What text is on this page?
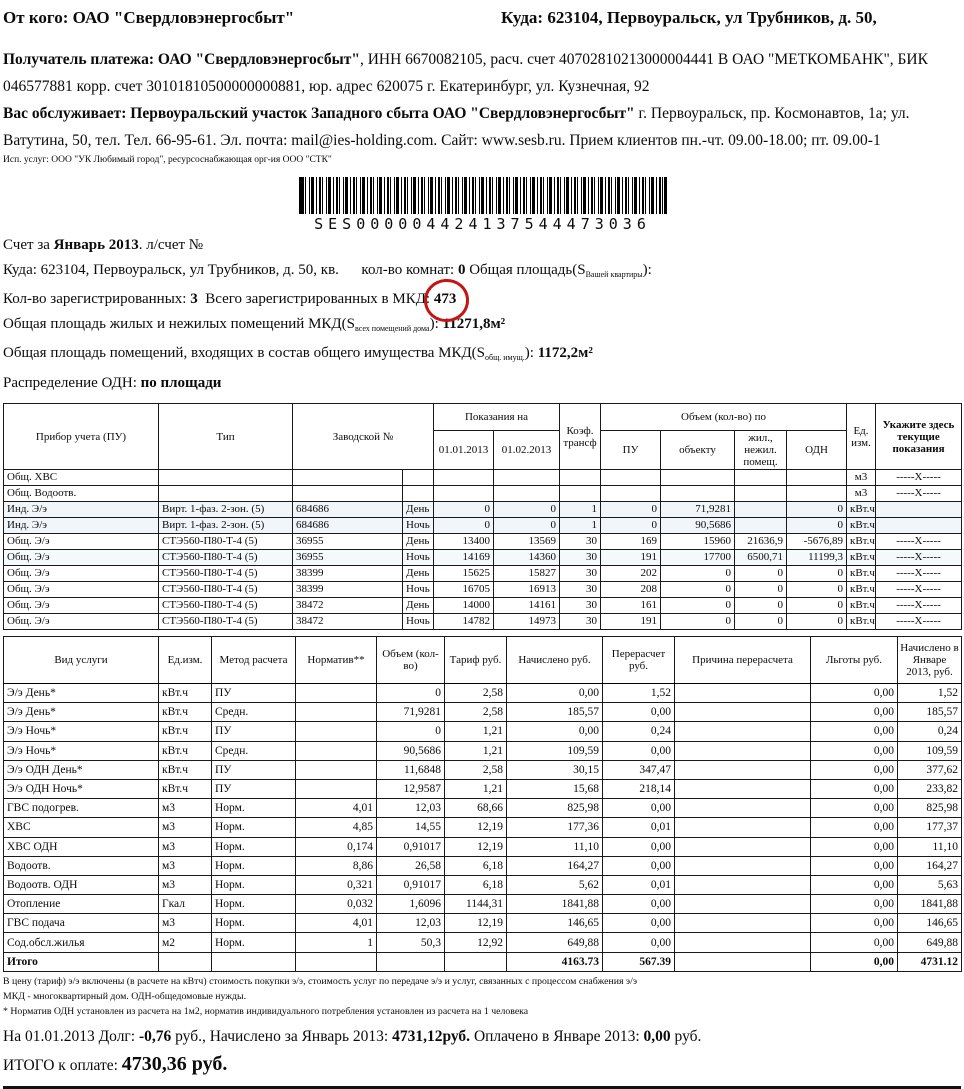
От кого: ОАО "Свердловэнергосбыт"	Куда: 623104, Первоуральск, ул Трубников, д. 50,
Получатель платежа: ОАО "Свердловэнергосбыт", ИНН 6670082105, расч. счет 40702810213000004441 В ОАО "МЕТКОМБАНК", БИК
046577881 корр. счет 30101810500000000881, юр. адрес 620075 г. Екатеринбург, ул. Кузнечная, 92
Вас обслуживает: Первоуральский участок Западного сбыта ОАО "Свердловэнергосбыт" г. Первоуральск, пр. Космонавтов, 1а; ул.
Ватутина, 50, тел. Тел. 66-95-61. Эл. почта: mail@ies-holding.com. Сайт: www.sesb.ru. Прием клиентов пн.-чт. 09.00-18.00; пт. 09.00-1
Исп. услуг: ООО "УК Любимый город", ресурсоснабжающая орг-ия ООО "СТК"
SES000004424137544473036
Счет за Январь 2013. л/счет №
Куда: 623104, Первоуральск, ул Трубников, д. 50, кв.      кол-во комнат: 0 Общая $площадь(S_{Вашей квартиры})$:
Кол-во зарегистрированных: 3  Всего зарегистрированных в МКД: 473
Общая площадь жилых и нежилых помещений $МКД(S_{всех помещений дома})$: 11271,8м²
Общая площадь помещений, входящих в состав общего имущества $МКД(S_{общ. имущ.})$: 1172,2м²
Распределение ОДН: по площади
Прибор учета (ПУ)	Тип	Заводской №		Показания на		Коэф. трансф	Объем (кол-во) по				Ед. изм.	Укажите здесь текущие показания
				01.01.2013	01.02.2013		ПУ	объекту	жил., нежил. помещ.	ОДН		
Общ. ХВС											м3	-----Х-----
Общ. Водоотв.											м3	-----Х-----
Инд. Э/э	Вирт. 1-фаз. 2-зон. (5)	684686	День	0	0	1	0	71,9281		0	кВт.ч	
Инд. Э/э	Вирт. 1-фаз. 2-зон. (5)	684686	Ночь	0	0	1	0	90,5686		0	кВт.ч	
Общ. Э/э	СТЭ560-П80-Т-4 (5)	36955	День	13400	13569	30	169	15960	21636,9	-5676,89	кВт.ч	-----Х-----
Общ. Э/э	СТЭ560-П80-Т-4 (5)	36955	Ночь	14169	14360	30	191	17700	6500,71	11199,3	кВт.ч	-----Х-----
Общ. Э/э	СТЭ560-П80-Т-4 (5)	38399	День	15625	15827	30	202	0	0	0	кВт.ч	-----Х-----
Общ. Э/э	СТЭ560-П80-Т-4 (5)	38399	Ночь	16705	16913	30	208	0	0	0	кВт.ч	-----Х-----
Общ. Э/э	СТЭ560-П80-Т-4 (5)	38472	День	14000	14161	30	161	0	0	0	кВт.ч	-----Х-----
Общ. Э/э	СТЭ560-П80-Т-4 (5)	38472	Ночь	14782	14973	30	191	0	0	0	кВт.ч	-----Х-----
Вид услуги	Ед.изм.	Метод расчета	Норматив**	Объем (кол-во)	Тариф руб.	Начислено руб.	Перерасчет руб.	Причина перерасчета	Льготы руб.	Начислено в Январе 2013, руб.
Э/э День*	кВт.ч	ПУ		0	2,58	0,00	1,52		0,00	1,52
Э/э День*	кВт.ч	Средн.		71,9281	2,58	185,57	0,00		0,00	185,57
Э/э Ночь*	кВт.ч	ПУ		0	1,21	0,00	0,24		0,00	0,24
Э/э Ночь*	кВт.ч	Средн.		90,5686	1,21	109,59	0,00		0,00	109,59
Э/э ОДН День*	кВт.ч	ПУ		11,6848	2,58	30,15	347,47		0,00	377,62
Э/э ОДН Ночь*	кВт.ч	ПУ		12,9587	1,21	15,68	218,14		0,00	233,82
ГВС подогрев.	м3	Норм.	4,01	12,03	68,66	825,98	0,00		0,00	825,98
ХВС	м3	Норм.	4,85	14,55	12,19	177,36	0,01		0,00	177,37
ХВС ОДН	м3	Норм.	0,174	0,91017	12,19	11,10	0,00		0,00	11,10
Водоотв.	м3	Норм.	8,86	26,58	6,18	164,27	0,00		0,00	164,27
Водоотв. ОДН	м3	Норм.	0,321	0,91017	6,18	5,62	0,01		0,00	5,63
Отопление	Гкал	Норм.	0,032	1,6096	1144,31	1841,88	0,00		0,00	1841,88
ГВС подача	м3	Норм.	4,01	12,03	12,19	146,65	0,00		0,00	146,65
Сод.обсл.жилья	м2	Норм.	1	50,3	12,92	649,88	0,00		0,00	649,88
Итого						4163.73	567.39		0,00	4731.12
В цену (тариф) э/э включены (в расчете на кВтч) стоимость покупки э/э, стоимость услуг по передаче э/э и услуг, связанных с процессом снабжения э/э
МКД - многоквартирный дом. ОДН-общедомовые нужды.
* Норматив ОДН установлен из расчета на 1м2, норматив индивидуального потребления установлен из расчета на 1 человека
На 01.01.2013 Долг: -0,76 руб., Начислено за Январь 2013: 4731,12руб. Оплачено в Январе 2013: 0,00 руб.
ИТОГО к оплате: 4730,36 руб.
